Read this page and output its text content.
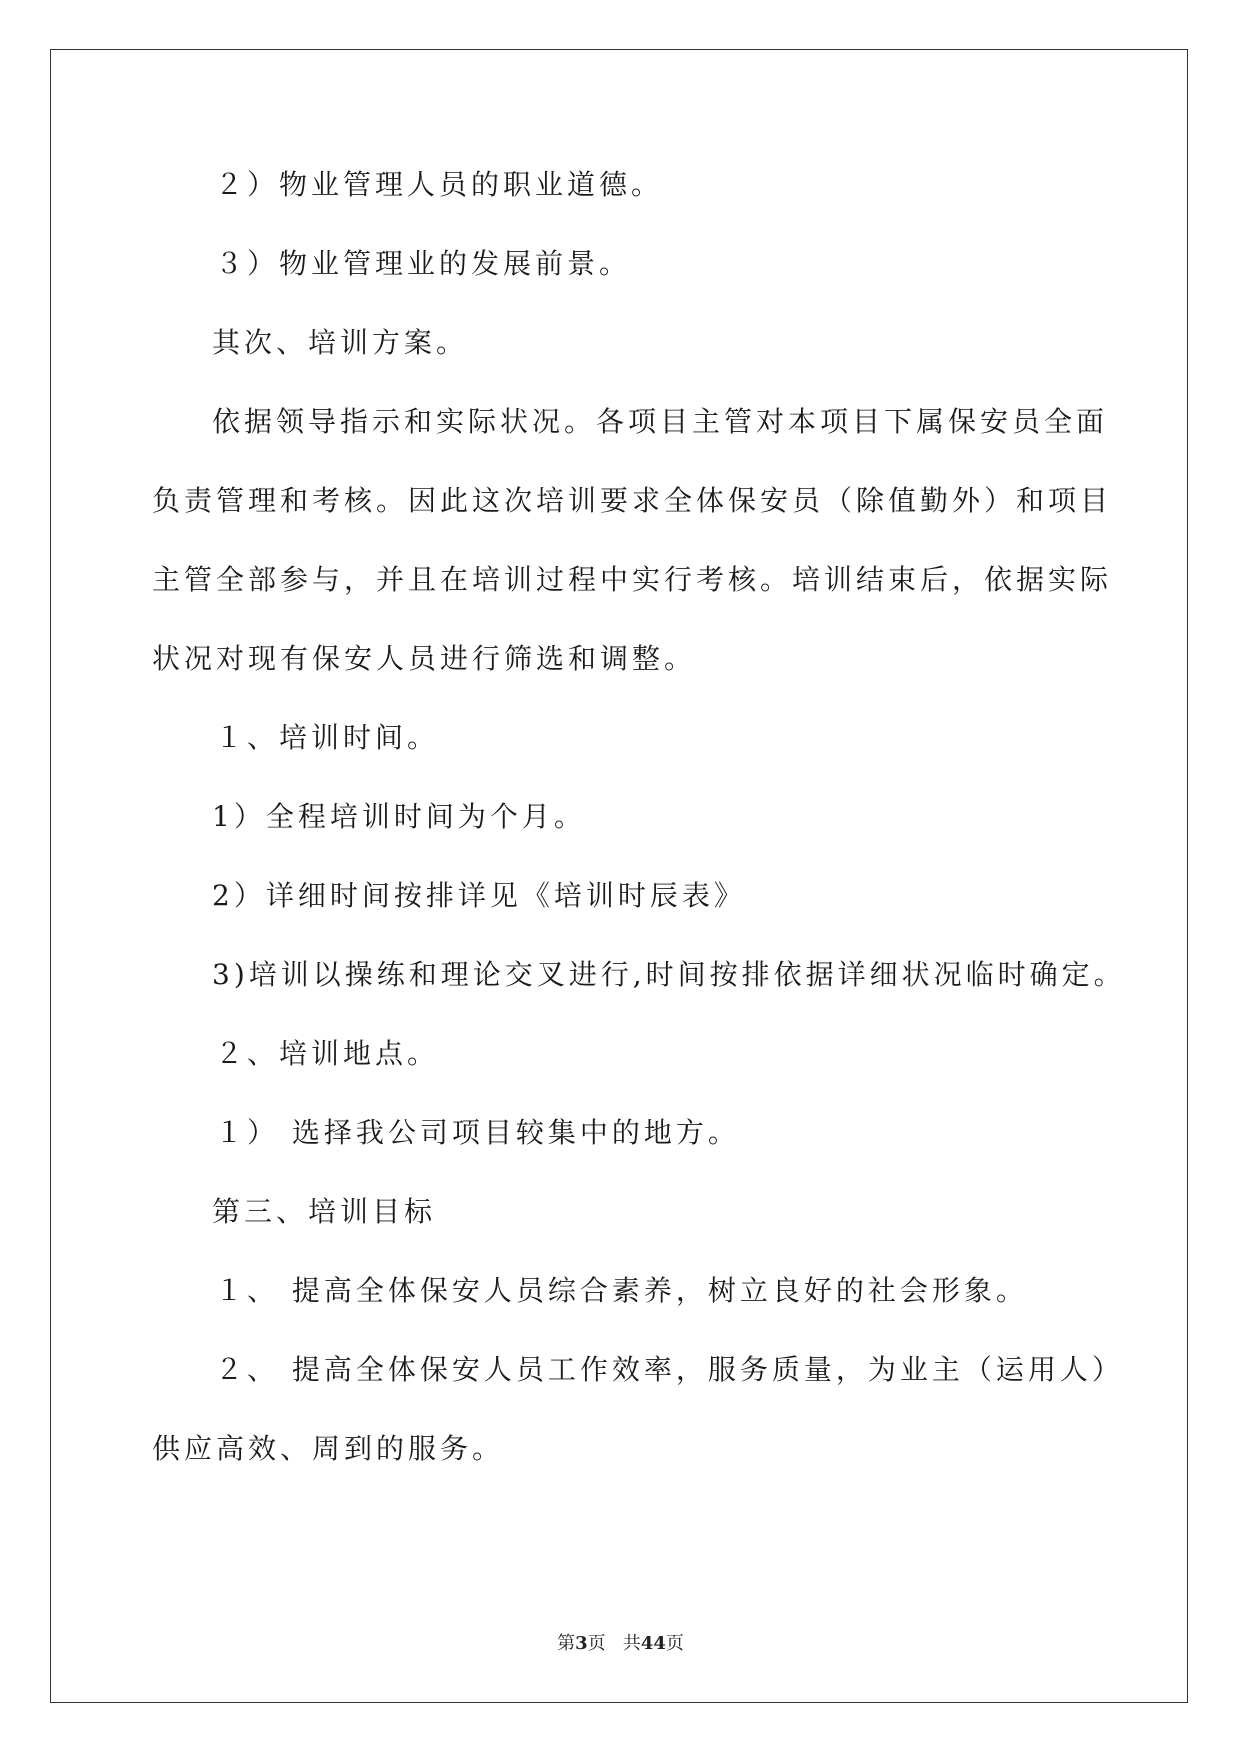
２）物业管理人员的职业道德。
３）物业管理业的发展前景。
其次、培训方案。
依据领导指示和实际状况。各项目主管对本项目下属保安员全面
负责管理和考核。因此这次培训要求全体保安员（除值勤外）和项目
主管全部参与，并且在培训过程中实行考核。培训结束后，依据实际
状况对现有保安人员进行筛选和调整。
１、培训时间。
1）全程培训时间为个月。
2）详细时间按排详见《培训时辰表》
3)培训以操练和理论交叉进行,时间按排依据详细状况临时确定。
２、培训地点。
１） 选择我公司项目较集中的地方。
第三、培训目标
１、 提高全体保安人员综合素养，树立良好的社会形象。
２、 提高全体保安人员工作效率，服务质量，为业主（运用人）
供应高效、周到的服务。
第3页 共44页
